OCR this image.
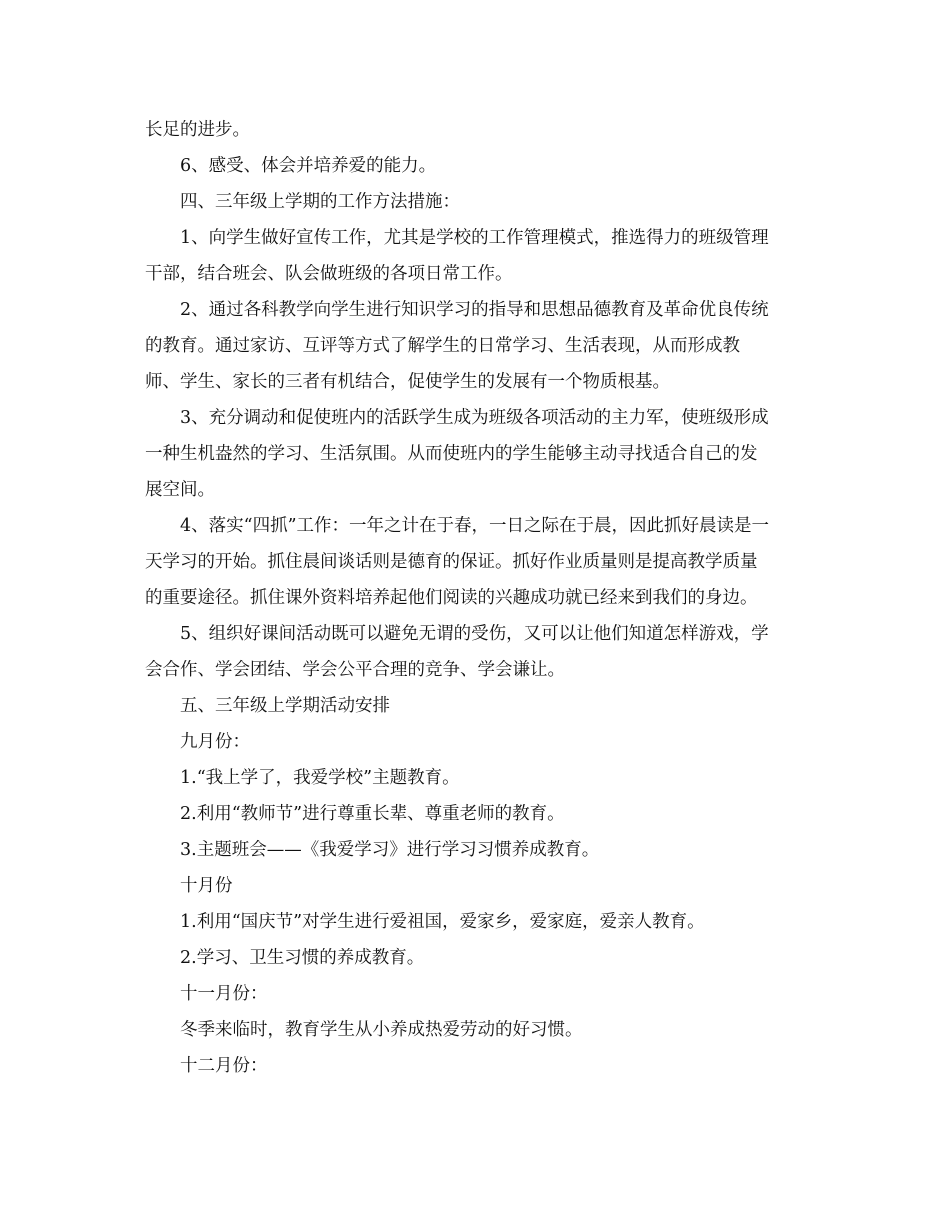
长足的进步。
6、感受、体会并培养爱的能力。
四、三年级上学期的工作方法措施：
1、向学生做好宣传工作，尤其是学校的工作管理模式，推选得力的班级管理
干部，结合班会、队会做班级的各项日常工作。
2、通过各科教学向学生进行知识学习的指导和思想品德教育及革命优良传统
的教育。通过家访、互评等方式了解学生的日常学习、生活表现，从而形成教
师、学生、家长的三者有机结合，促使学生的发展有一个物质根基。
3、充分调动和促使班内的活跃学生成为班级各项活动的主力军，使班级形成
一种生机盎然的学习、生活氛围。从而使班内的学生能够主动寻找适合自己的发
展空间。
4、落实“四抓”工作：一年之计在于春，一日之际在于晨，因此抓好晨读是一
天学习的开始。抓住晨间谈话则是德育的保证。抓好作业质量则是提高教学质量
的重要途径。抓住课外资料培养起他们阅读的兴趣成功就已经来到我们的身边。
5、组织好课间活动既可以避免无谓的受伤，又可以让他们知道怎样游戏，学
会合作、学会团结、学会公平合理的竞争、学会谦让。
五、三年级上学期活动安排
九月份：
1.“我上学了，我爱学校”主题教育。
2.利用“教师节”进行尊重长辈、尊重老师的教育。
3.主题班会——《我爱学习》进行学习习惯养成教育。
十月份
1.利用“国庆节”对学生进行爱祖国，爱家乡，爱家庭，爱亲人教育。
2.学习、卫生习惯的养成教育。
十一月份：
冬季来临时，教育学生从小养成热爱劳动的好习惯。
十二月份：
